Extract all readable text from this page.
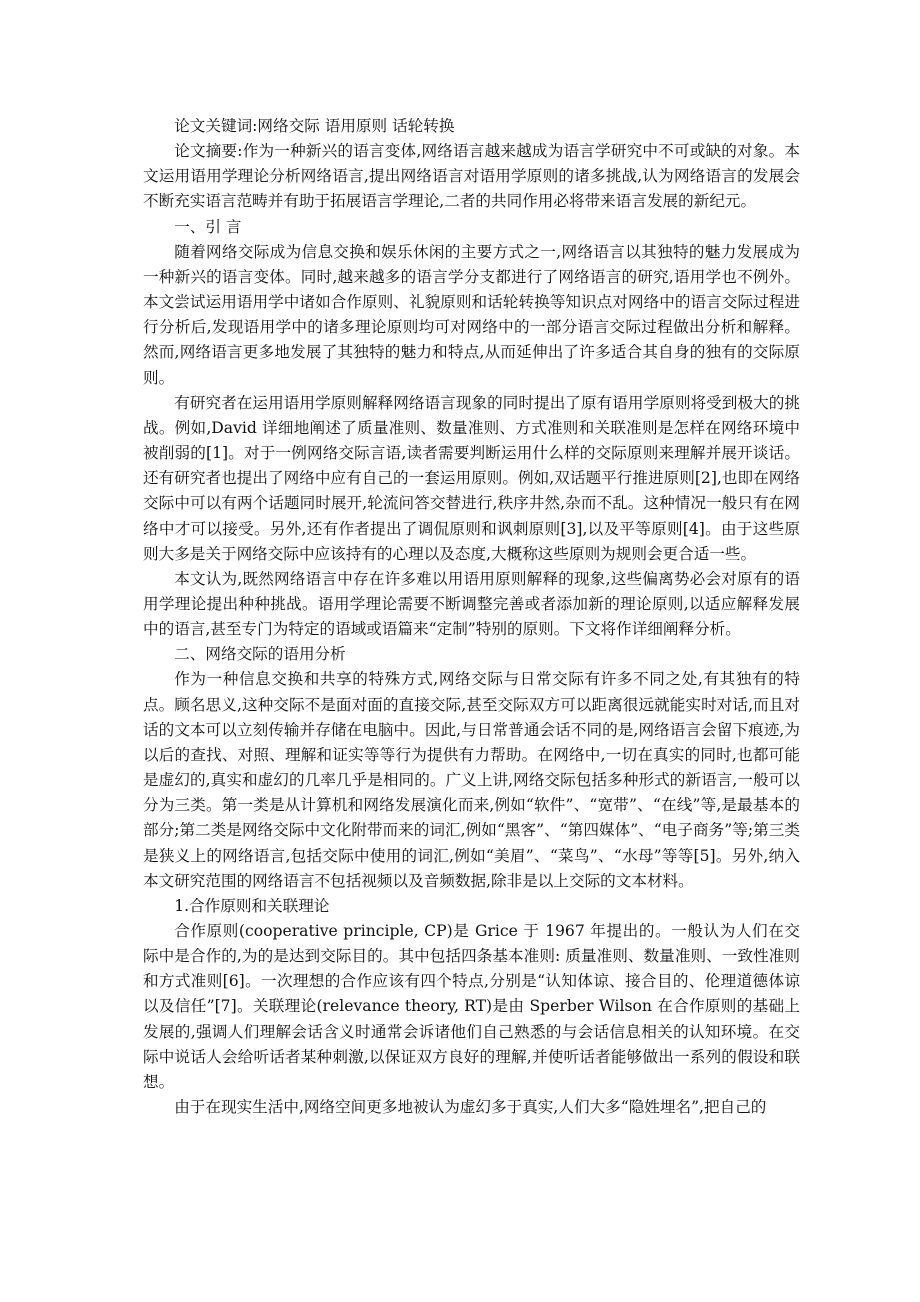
论文关键词:网络交际 语用原则 话轮转换

论文摘要:作为一种新兴的语言变体,网络语言越来越成为语言学研究中不可或缺的对象。本文运用语用学理论分析网络语言,提出网络语言对语用学原则的诸多挑战,认为网络语言的发展会不断充实语言范畴并有助于拓展语言学理论,二者的共同作用必将带来语言发展的新纪元。

一、引 言

随着网络交际成为信息交换和娱乐休闲的主要方式之一,网络语言以其独特的魅力发展成为一种新兴的语言变体。同时,越来越多的语言学分支都进行了网络语言的研究,语用学也不例外。本文尝试运用语用学中诸如合作原则、礼貌原则和话轮转换等知识点对网络中的语言交际过程进行分析后,发现语用学中的诸多理论原则均可对网络中的一部分语言交际过程做出分析和解释。然而,网络语言更多地发展了其独特的魅力和特点,从而延伸出了许多适合其自身的独有的交际原则。

有研究者在运用语用学原则解释网络语言现象的同时提出了原有语用学原则将受到极大的挑战。例如,David 详细地阐述了质量准则、数量准则、方式准则和关联准则是怎样在网络环境中被削弱的[1]。对于一例网络交际言语,读者需要判断运用什么样的交际原则来理解并展开谈话。还有研究者也提出了网络中应有自己的一套运用原则。例如,双话题平行推进原则[2],也即在网络交际中可以有两个话题同时展开,轮流问答交替进行,秩序井然,杂而不乱。这种情况一般只有在网络中才可以接受。另外,还有作者提出了调侃原则和讽刺原则[3],以及平等原则[4]。由于这些原则大多是关于网络交际中应该持有的心理以及态度,大概称这些原则为规则会更合适一些。

本文认为,既然网络语言中存在许多难以用语用原则解释的现象,这些偏离势必会对原有的语用学理论提出种种挑战。语用学理论需要不断调整完善或者添加新的理论原则,以适应解释发展中的语言,甚至专门为特定的语域或语篇来“定制”特别的原则。下文将作详细阐释分析。

二、网络交际的语用分析

作为一种信息交换和共享的特殊方式,网络交际与日常交际有许多不同之处,有其独有的特点。顾名思义,这种交际不是面对面的直接交际,甚至交际双方可以距离很远就能实时对话,而且对话的文本可以立刻传输并存储在电脑中。因此,与日常普通会话不同的是,网络语言会留下痕迹,为以后的查找、对照、理解和证实等等行为提供有力帮助。在网络中,一切在真实的同时,也都可能是虚幻的,真实和虚幻的几率几乎是相同的。广义上讲,网络交际包括多种形式的新语言,一般可以分为三类。第一类是从计算机和网络发展演化而来,例如“软件”、“宽带”、“在线”等,是最基本的部分;第二类是网络交际中文化附带而来的词汇,例如“黑客”、“第四媒体”、“电子商务”等;第三类是狭义上的网络语言,包括交际中使用的词汇,例如“美眉”、“菜鸟”、“水母”等等[5]。另外,纳入本文研究范围的网络语言不包括视频以及音频数据,除非是以上交际的文本材料。

1.合作原则和关联理论

合作原则(cooperative principle, CP)是 Grice 于 1967 年提出的。一般认为人们在交际中是合作的,为的是达到交际目的。其中包括四条基本准则: 质量准则、数量准则、一致性准则和方式准则[6]。一次理想的合作应该有四个特点,分别是“认知体谅、接合目的、伦理道德体谅以及信任”[7]。关联理论(relevance theory, RT)是由 Sperber Wilson 在合作原则的基础上发展的,强调人们理解会话含义时通常会诉诸他们自己熟悉的与会话信息相关的认知环境。在交际中说话人会给听话者某种刺激,以保证双方良好的理解,并使听话者能够做出一系列的假设和联想。

由于在现实生活中,网络空间更多地被认为虚幻多于真实,人们大多“隐姓埋名”,把自己的
